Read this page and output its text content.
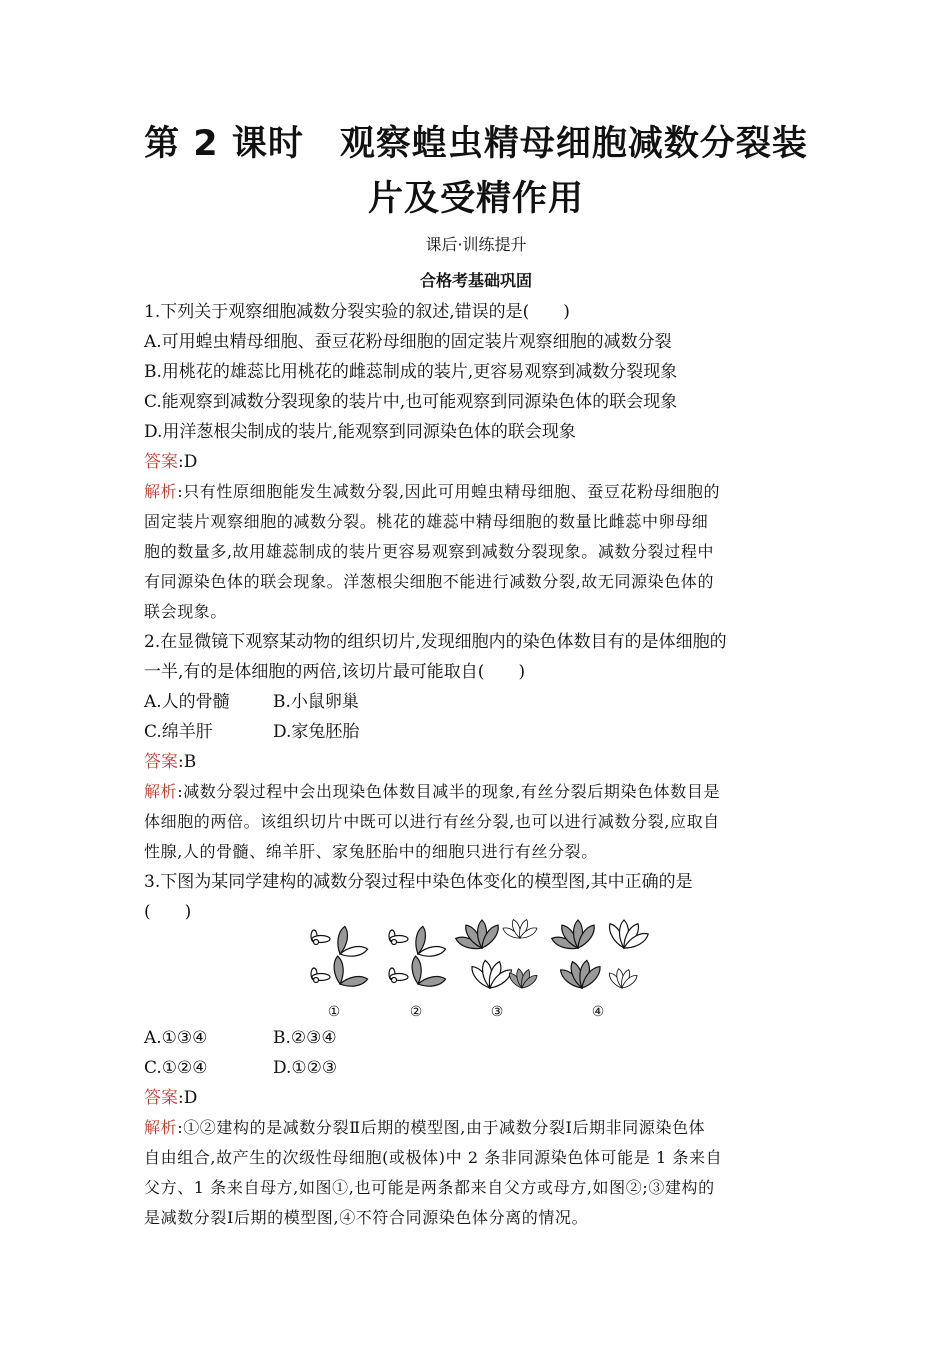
第 2 课时　观察蝗虫精母细胞减数分裂装
片及受精作用
课后·训练提升
合格考基础巩固
1.下列关于观察细胞减数分裂实验的叙述,错误的是(　　)
A.可用蝗虫精母细胞、蚕豆花粉母细胞的固定装片观察细胞的减数分裂
B.用桃花的雄蕊比用桃花的雌蕊制成的装片,更容易观察到减数分裂现象
C.能观察到减数分裂现象的装片中,也可能观察到同源染色体的联会现象
D.用洋葱根尖制成的装片,能观察到同源染色体的联会现象
答案:D
解析:只有性原细胞能发生减数分裂,因此可用蝗虫精母细胞、蚕豆花粉母细胞的
固定装片观察细胞的减数分裂。桃花的雄蕊中精母细胞的数量比雌蕊中卵母细
胞的数量多,故用雄蕊制成的装片更容易观察到减数分裂现象。减数分裂过程中
有同源染色体的联会现象。洋葱根尖细胞不能进行减数分裂,故无同源染色体的
联会现象。
2.在显微镜下观察某动物的组织切片,发现细胞内的染色体数目有的是体细胞的
一半,有的是体细胞的两倍,该切片最可能取自(　　)
A.人的骨髓	B.小鼠卵巢
C.绵羊肝	D.家兔胚胎
答案:B
解析:减数分裂过程中会出现染色体数目减半的现象,有丝分裂后期染色体数目是
体细胞的两倍。该组织切片中既可以进行有丝分裂,也可以进行减数分裂,应取自
性腺,人的骨髓、绵羊肝、家兔胚胎中的细胞只进行有丝分裂。
3.下图为某同学建构的减数分裂过程中染色体变化的模型图,其中正确的是
(　　)
①	②	③	④
A.①③④	B.②③④
C.①②④	D.①②③
答案:D
解析:①②建构的是减数分裂Ⅱ后期的模型图,由于减数分裂Ⅰ后期非同源染色体
自由组合,故产生的次级性母细胞(或极体)中 2 条非同源染色体可能是 1 条来自
父方、1 条来自母方,如图①,也可能是两条都来自父方或母方,如图②;③建构的
是减数分裂Ⅰ后期的模型图,④不符合同源染色体分离的情况。
